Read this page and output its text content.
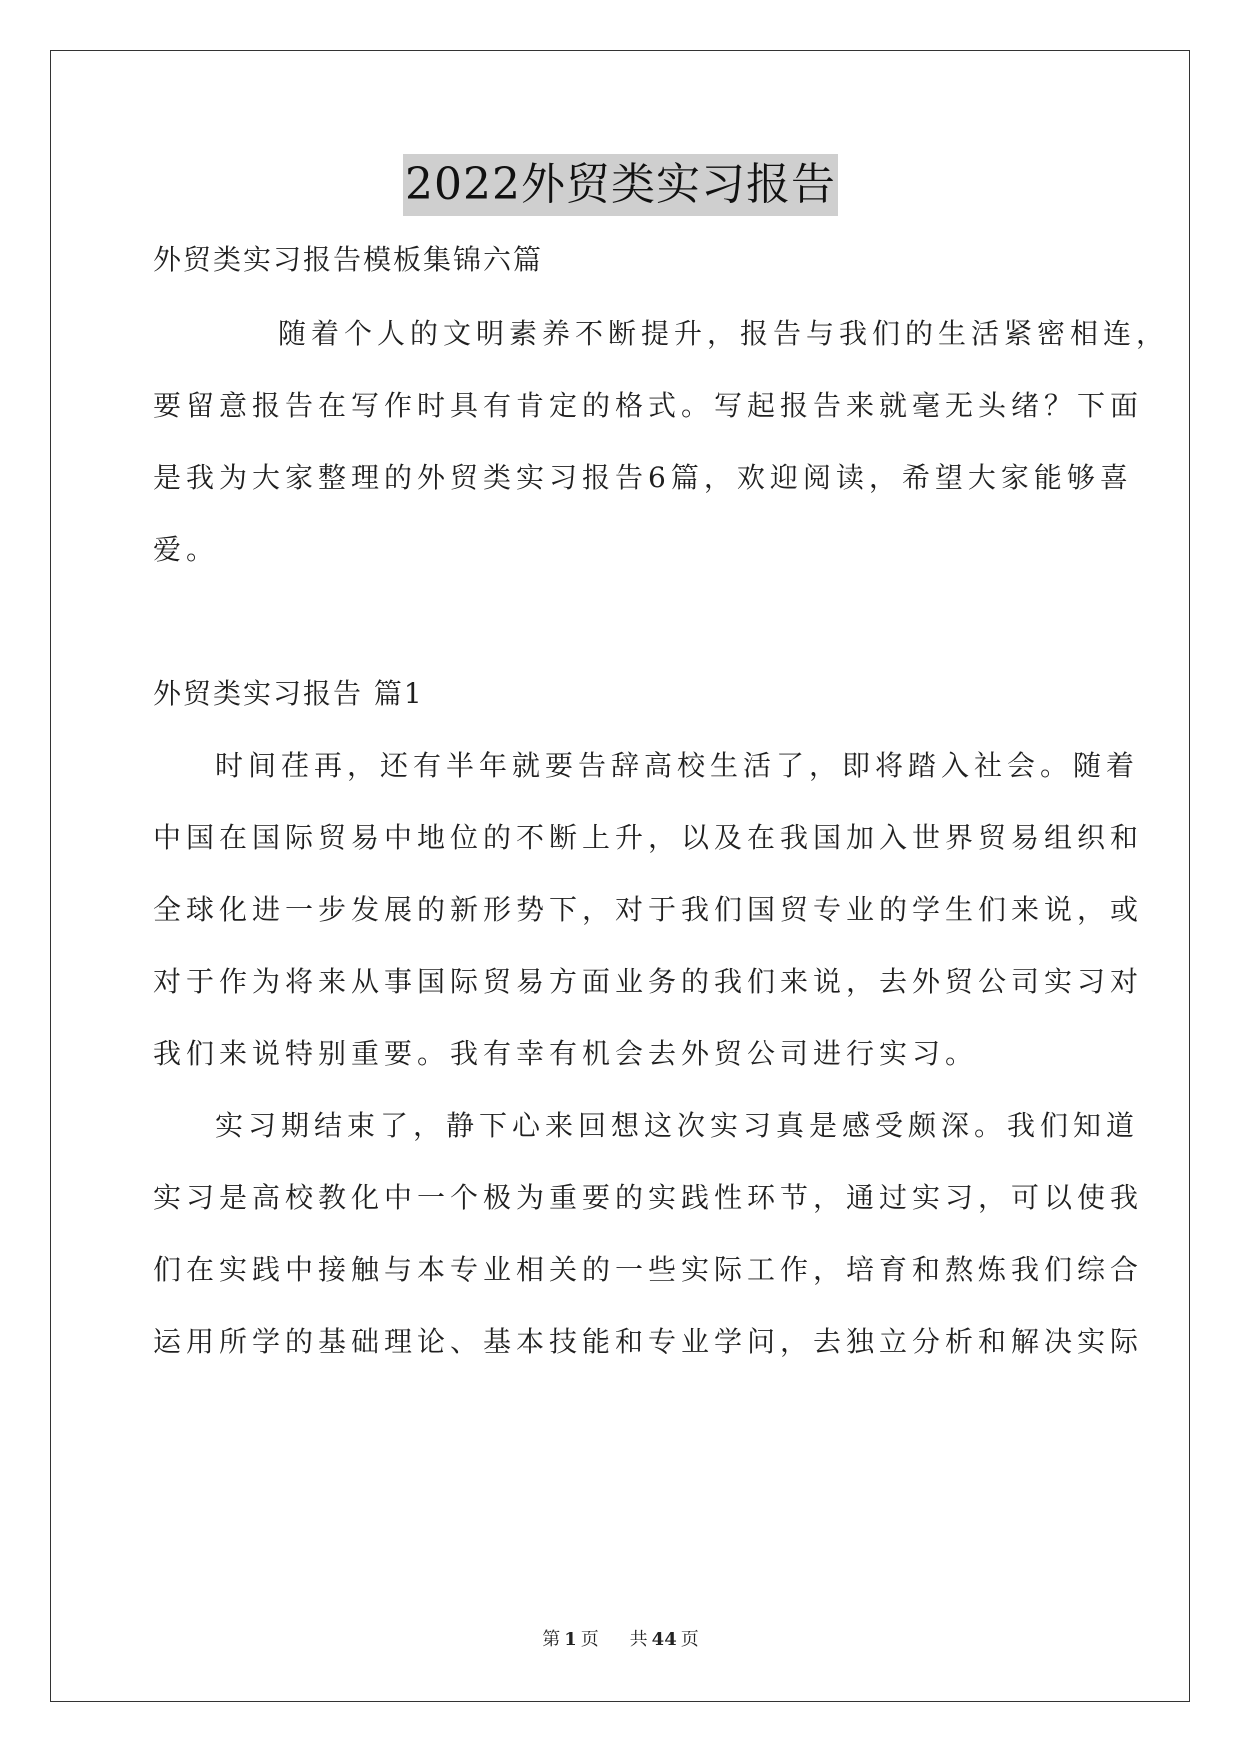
2022外贸类实习报告
外贸类实习报告模板集锦六篇
随着个人的文明素养不断提升，报告与我们的生活紧密相连，
要留意报告在写作时具有肯定的格式。写起报告来就毫无头绪？下面
是我为大家整理的外贸类实习报告6篇，欢迎阅读，希望大家能够喜
爱。
外贸类实习报告 篇1
时间荏再，还有半年就要告辞高校生活了，即将踏入社会。随着
中国在国际贸易中地位的不断上升，以及在我国加入世界贸易组织和
全球化进一步发展的新形势下，对于我们国贸专业的学生们来说，或
对于作为将来从事国际贸易方面业务的我们来说，去外贸公司实习对
我们来说特别重要。我有幸有机会去外贸公司进行实习。
实习期结束了，静下心来回想这次实习真是感受颇深。我们知道
实习是高校教化中一个极为重要的实践性环节，通过实习，可以使我
们在实践中接触与本专业相关的一些实际工作，培育和熬炼我们综合
运用所学的基础理论、基本技能和专业学问，去独立分析和解决实际
第 1 页 共 44 页
